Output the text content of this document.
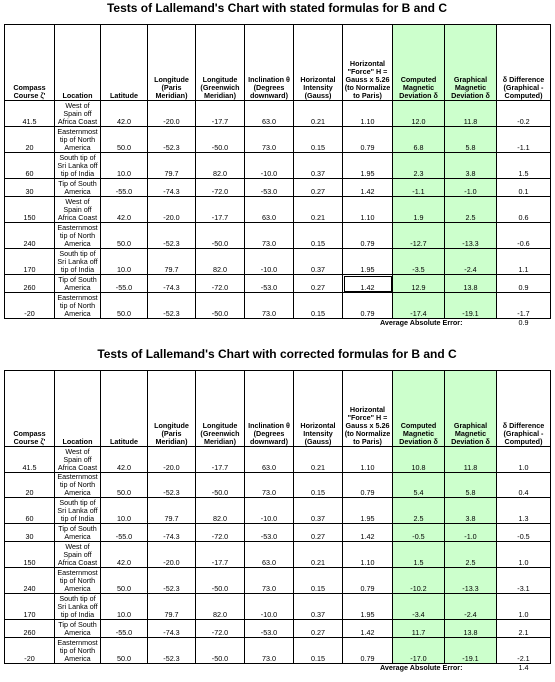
Tests of Lallemand's Chart with stated formulas for B and C
Compass Course ζ'	Location	Latitude	Longitude (Paris Meridian)	Longitude (Greenwich Meridian)	Inclination θ (Degrees downward)	Horizontal Intensity (Gauss)	Horizontal "Force" H = Gauss x 5.26 (to Normalize to Paris)	Computed Magnetic Deviation δ	Graphical Magnetic Deviation δ	δ Difference (Graphical - Computed)
41.5	West of Spain off Africa Coast	42.0	-20.0	-17.7	63.0	0.21	1.10	12.0	11.8	-0.2
20	Easternmost tip of North America	50.0	-52.3	-50.0	73.0	0.15	0.79	6.8	5.8	-1.1
60	South tip of Sri Lanka off tip of India	10.0	79.7	82.0	-10.0	0.37	1.95	2.3	3.8	1.5
30	Tip of South America	-55.0	-74.3	-72.0	-53.0	0.27	1.42	-1.1	-1.0	0.1
150	West of Spain off Africa Coast	42.0	-20.0	-17.7	63.0	0.21	1.10	1.9	2.5	0.6
240	Easternmost tip of North America	50.0	-52.3	-50.0	73.0	0.15	0.79	-12.7	-13.3	-0.6
170	South tip of Sri Lanka off tip of India	10.0	79.7	82.0	-10.0	0.37	1.95	-3.5	-2.4	1.1
260	Tip of South America	-55.0	-74.3	-72.0	-53.0	0.27	1.42	12.9	13.8	0.9
-20	Easternmost tip of North America	50.0	-52.3	-50.0	73.0	0.15	0.79	-17.4	-19.1	-1.7
							Average Absolute Error:			0.9
Tests of Lallemand's Chart with corrected formulas for B and C
Compass Course ζ'	Location	Latitude	Longitude (Paris Meridian)	Longitude (Greenwich Meridian)	Inclination θ (Degrees downward)	Horizontal Intensity (Gauss)	Horizontal "Force" H = Gauss x 5.26 (to Normalize to Paris)	Computed Magnetic Deviation δ	Graphical Magnetic Deviation δ	δ Difference (Graphical - Computed)
41.5	West of Spain off Africa Coast	42.0	-20.0	-17.7	63.0	0.21	1.10	10.8	11.8	1.0
20	Easternmost tip of North America	50.0	-52.3	-50.0	73.0	0.15	0.79	5.4	5.8	0.4
60	South tip of Sri Lanka off tip of India	10.0	79.7	82.0	-10.0	0.37	1.95	2.5	3.8	1.3
30	Tip of South America	-55.0	-74.3	-72.0	-53.0	0.27	1.42	-0.5	-1.0	-0.5
150	West of Spain off Africa Coast	42.0	-20.0	-17.7	63.0	0.21	1.10	1.5	2.5	1.0
240	Easternmost tip of North America	50.0	-52.3	-50.0	73.0	0.15	0.79	-10.2	-13.3	-3.1
170	South tip of Sri Lanka off tip of India	10.0	79.7	82.0	-10.0	0.37	1.95	-3.4	-2.4	1.0
260	Tip of South America	-55.0	-74.3	-72.0	-53.0	0.27	1.42	11.7	13.8	2.1
-20	Easternmost tip of North America	50.0	-52.3	-50.0	73.0	0.15	0.79	-17.0	-19.1	-2.1
							Average Absolute Error:			1.4
